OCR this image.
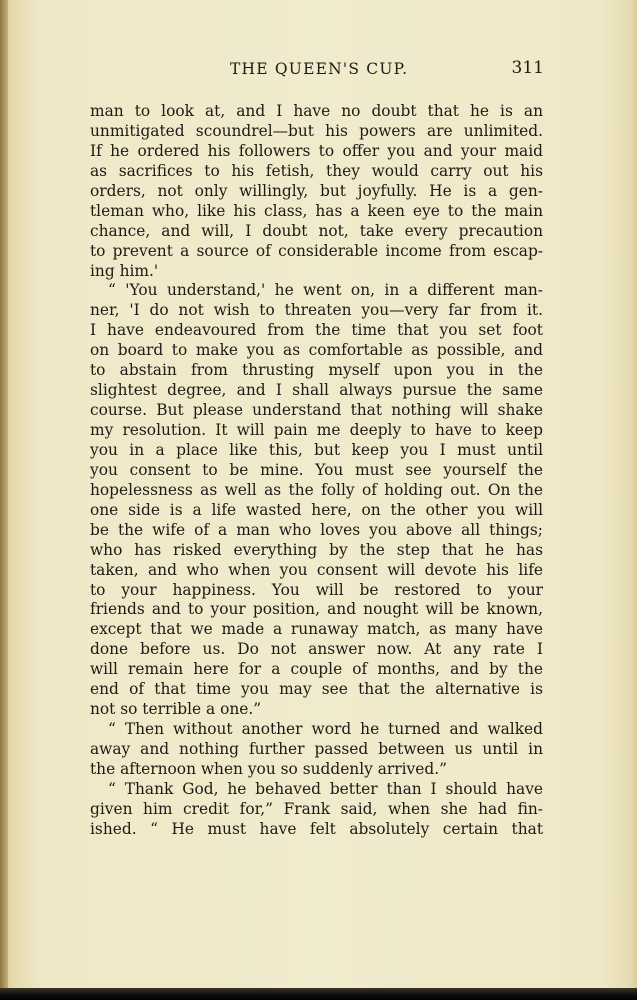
THE QUEEN'S CUP.	311
man to look at, and I have no doubt that he is an
unmitigated scoundrel—but his powers are unlimited.
If he ordered his followers to offer you and your maid
as sacrifices to his fetish, they would carry out his
orders, not only willingly, but joyfully. He is a gen-
tleman who, like his class, has a keen eye to the main
chance, and will, I doubt not, take every precaution
to prevent a source of considerable income from escap-
ing him.'
“ 'You understand,' he went on, in a different man-
ner, 'I do not wish to threaten you—very far from it.
I have endeavoured from the time that you set foot
on board to make you as comfortable as possible, and
to abstain from thrusting myself upon you in the
slightest degree, and I shall always pursue the same
course. But please understand that nothing will shake
my resolution. It will pain me deeply to have to keep
you in a place like this, but keep you I must until
you consent to be mine. You must see yourself the
hopelessness as well as the folly of holding out. On the
one side is a life wasted here, on the other you will
be the wife of a man who loves you above all things;
who has risked everything by the step that he has
taken, and who when you consent will devote his life
to your happiness. You will be restored to your
friends and to your position, and nought will be known,
except that we made a runaway match, as many have
done before us. Do not answer now. At any rate I
will remain here for a couple of months, and by the
end of that time you may see that the alternative is
not so terrible a one.”
“ Then without another word he turned and walked
away and nothing further passed between us until in
the afternoon when you so suddenly arrived.”
“ Thank God, he behaved better than I should have
given him credit for,” Frank said, when she had fin-
ished. “ He must have felt absolutely certain that
